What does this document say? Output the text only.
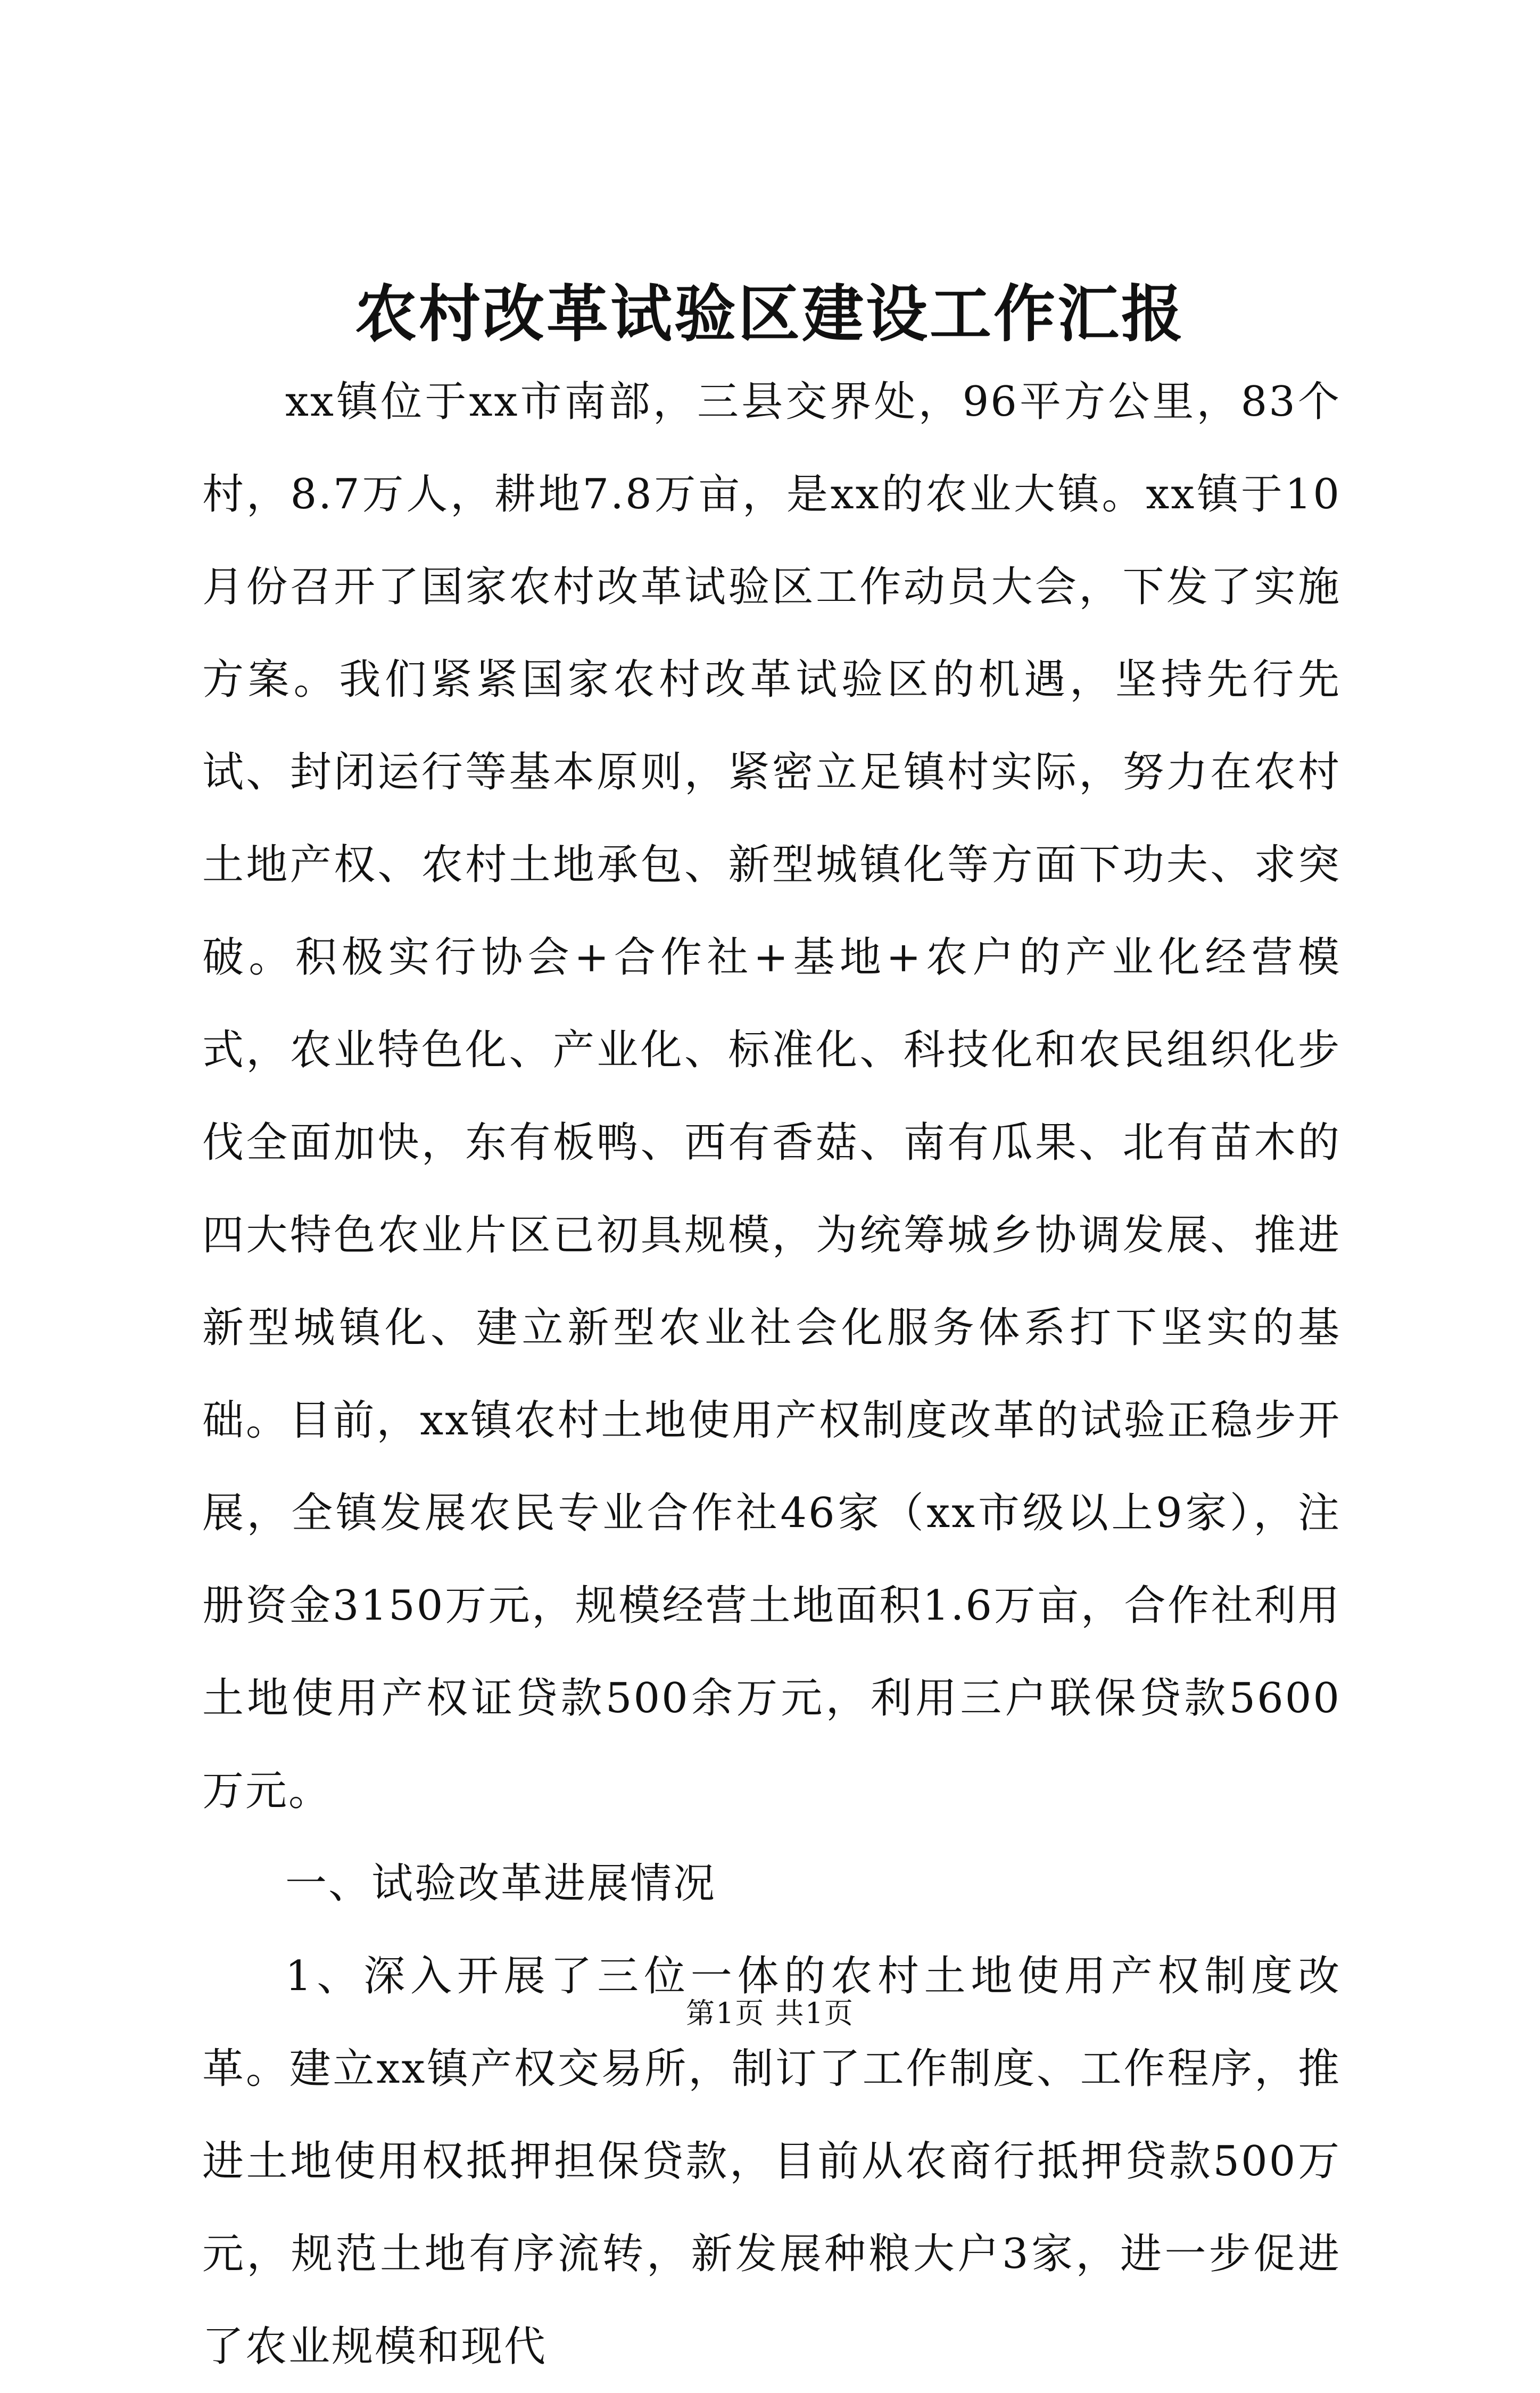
农村改革试验区建设工作汇报

xx镇位于xx市南部，三县交界处，96平方公里，83个村，8.7万人，耕地7.8万亩，是xx的农业大镇。xx镇于10月份召开了国家农村改革试验区工作动员大会，下发了实施方案。我们紧紧国家农村改革试验区的机遇，坚持先行先试、封闭运行等基本原则，紧密立足镇村实际，努力在农村土地产权、农村土地承包、新型城镇化等方面下功夫、求突破。积极实行协会+合作社+基地+农户的产业化经营模式，农业特色化、产业化、标准化、科技化和农民组织化步伐全面加快，东有板鸭、西有香菇、南有瓜果、北有苗木的四大特色农业片区已初具规模，为统筹城乡协调发展、推进新型城镇化、建立新型农业社会化服务体系打下坚实的基础。目前，xx镇农村土地使用产权制度改革的试验正稳步开展，全镇发展农民专业合作社46家（xx市级以上9家），注册资金3150万元，规模经营土地面积1.6万亩，合作社利用土地使用产权证贷款500余万元，利用三户联保贷款5600万元。

一、试验改革进展情况

1、深入开展了三位一体的农村土地使用产权制度改革。建立xx镇产权交易所，制订了工作制度、工作程序，推进土地使用权抵押担保贷款，目前从农商行抵押贷款500万元，规范土地有序流转，新发展种粮大户3家，进一步促进了农业规模和现代

第1页 共1页
